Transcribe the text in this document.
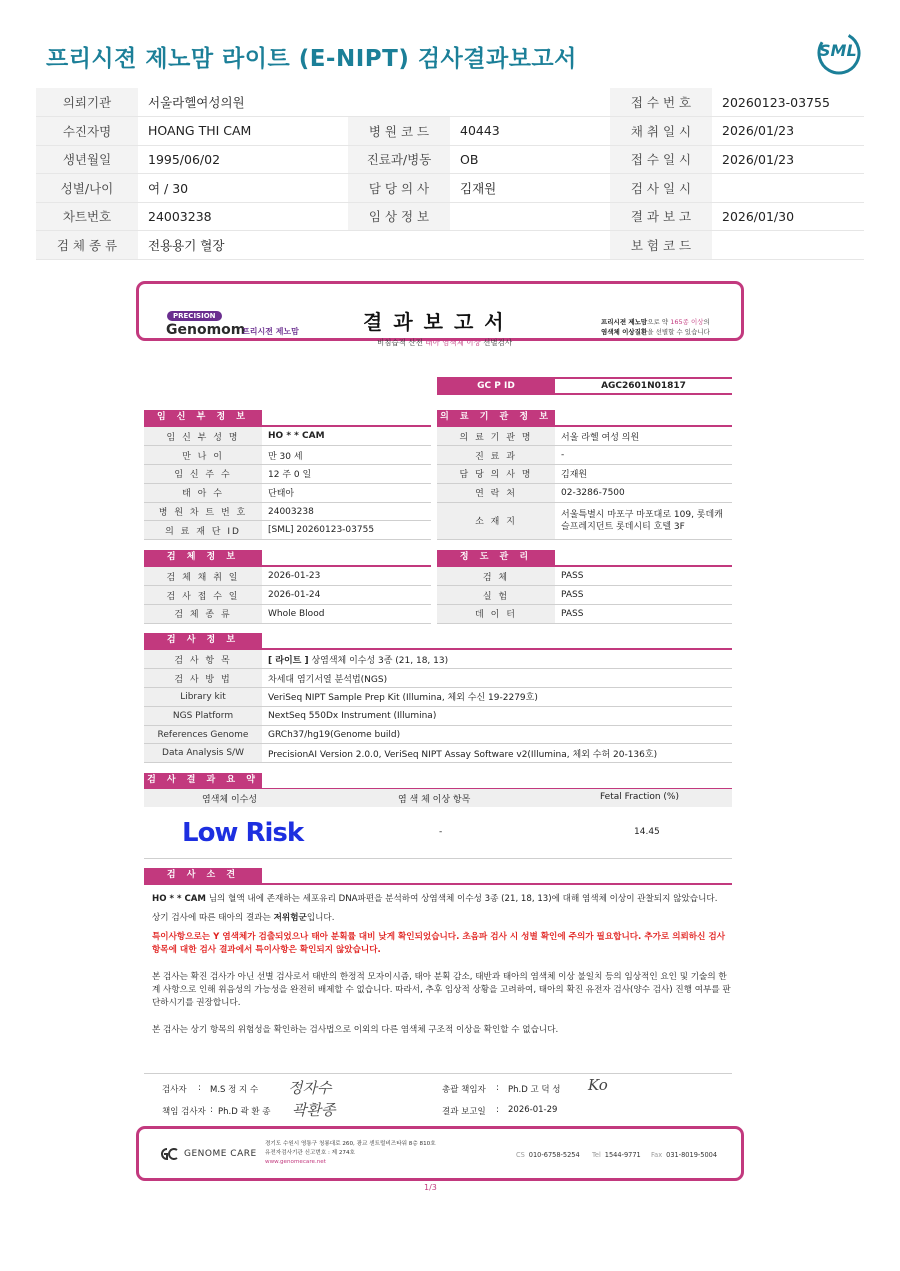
프리시젼 제노맘 라이트 (E-NIPT) 검사결과보고서	SML
의뢰기관	서울라헬여성의원			접 수 번 호	20260123-03755
수진자명	HOANG THI CAM	병 원 코 드	40443	채 취 일 시	2026/01/23
생년월일	1995/06/02	진료과/병동	OB	접 수 일 시	2026/01/23
성별/나이	여 / 30	담 당 의 사	김재원	검 사 일 시	
차트번호	24003238	임 상 정 보		결 과 보 고	2026/01/30
검 체 종 류	전용용기 혈장			보 험 코 드	
PRECISION
Genomom
프리시젼 제노맘	결과보고서
비침습적 산전 태아 염색체 이상 선별검사
프리시젼 제노맘으로 약 165종 이상의
염색체 이상질환을 선별할 수 있습니다
GC P ID	AGC2601N01817
임 신 부 정 보
임 신 부 성 명	HO * * CAM
만 나 이	만 30 세
임 신 주 수	12 주 0 일
태 아 수	단태아
병 원 차 트 번 호	24003238
의 료 재 단 ID	[SML] 20260123-03755
의 료 기 관 정 보
의 료 기 관 명	서울 라헬 여성 의원
진 료 과	-
담 당 의 사 명	김재원
연 락 처	02-3286-7500
소 재 지	서울특별시 마포구 마포대로 109, 롯데캐슬프레지던트 롯데시티 호텔 3F
검 체 정 보
검 체 채 취 일	2026-01-23
검 사 접 수 일	2026-01-24
검 체 종 류	Whole Blood
정 도 관 리
검 체	PASS
실 험	PASS
데 이 터	PASS
검 사 정 보
검 사 항 목	[ 라이트 ] 상염색체 이수성 3종 (21, 18, 13)
검 사 방 법	차세대 염기서열 분석법(NGS)
Library kit	VeriSeq NIPT Sample Prep Kit (Illumina, 체외 수신 19-2279호)
NGS Platform	NextSeq 550Dx Instrument (Illumina)
References Genome	GRCh37/hg19(Genome build)
Data Analysis S/W	PrecisionAI Version 2.0.0, VeriSeq NIPT Assay Software v2(Illumina, 체외 수허 20-136호)
검 사 결 과 요 약
염색체 이수성	염 색 체 이상 항목	Fetal Fraction (%)
Low Risk	-	14.45
검 사 소 견

HO * * CAM 님의 혈액 내에 존재하는 세포유리 DNA파편을 분석하여 상염색체 이수성 3종 (21, 18, 13)에 대해 염색체 이상이 관찰되지 않았습니다.

상기 검사에 따른 태아의 결과는 저위험군입니다.

특이사항으로는 Y 염색체가 검출되었으나 태아 분획률 대비 낮게 확인되었습니다. 초음파 검사 시 성별 확인에 주의가 필요합니다. 추가로 의뢰하신 검사 항목에 대한 검사 결과에서 특이사항은 확인되지 않았습니다.

본 검사는 확진 검사가 아닌 선별 검사로서 태반의 한정적 모자이시즘, 태아 분획 감소, 태반과 태아의 염색체 이상 불일치 등의 임상적인 요인 및 기술의 한계 사항으로 인해 위음성의 가능성을 완전히 배제할 수 없습니다. 따라서, 추후 임상적 상황을 고려하여, 태아의 확진 유전자 검사(양수 검사) 진행 여부를 판단하시기를 권장합니다.

본 검사는 상기 항목의 위험성을 확인하는 검사법으로 이외의 다른 염색체 구조적 이상을 확인할 수 없습니다.

검사자 : M.S 정 지 수 정자수	총괄 책임자 : Ph.D 고 덕 성 Ko
책임 검사자 : Ph.D 곽 환 종 곽환종	결과 보고일 : 2026-01-29
GENOME CARE
경기도 수원시 영통구 청룡대로 260, 광교 센트럴비즈타워 8층 810호
유전자검사기관 신고번호 : 제 274호
www.genomecare.net
CS 010-6758-5254 Tel 1544-9771 Fax 031-8019-5004
1/3
